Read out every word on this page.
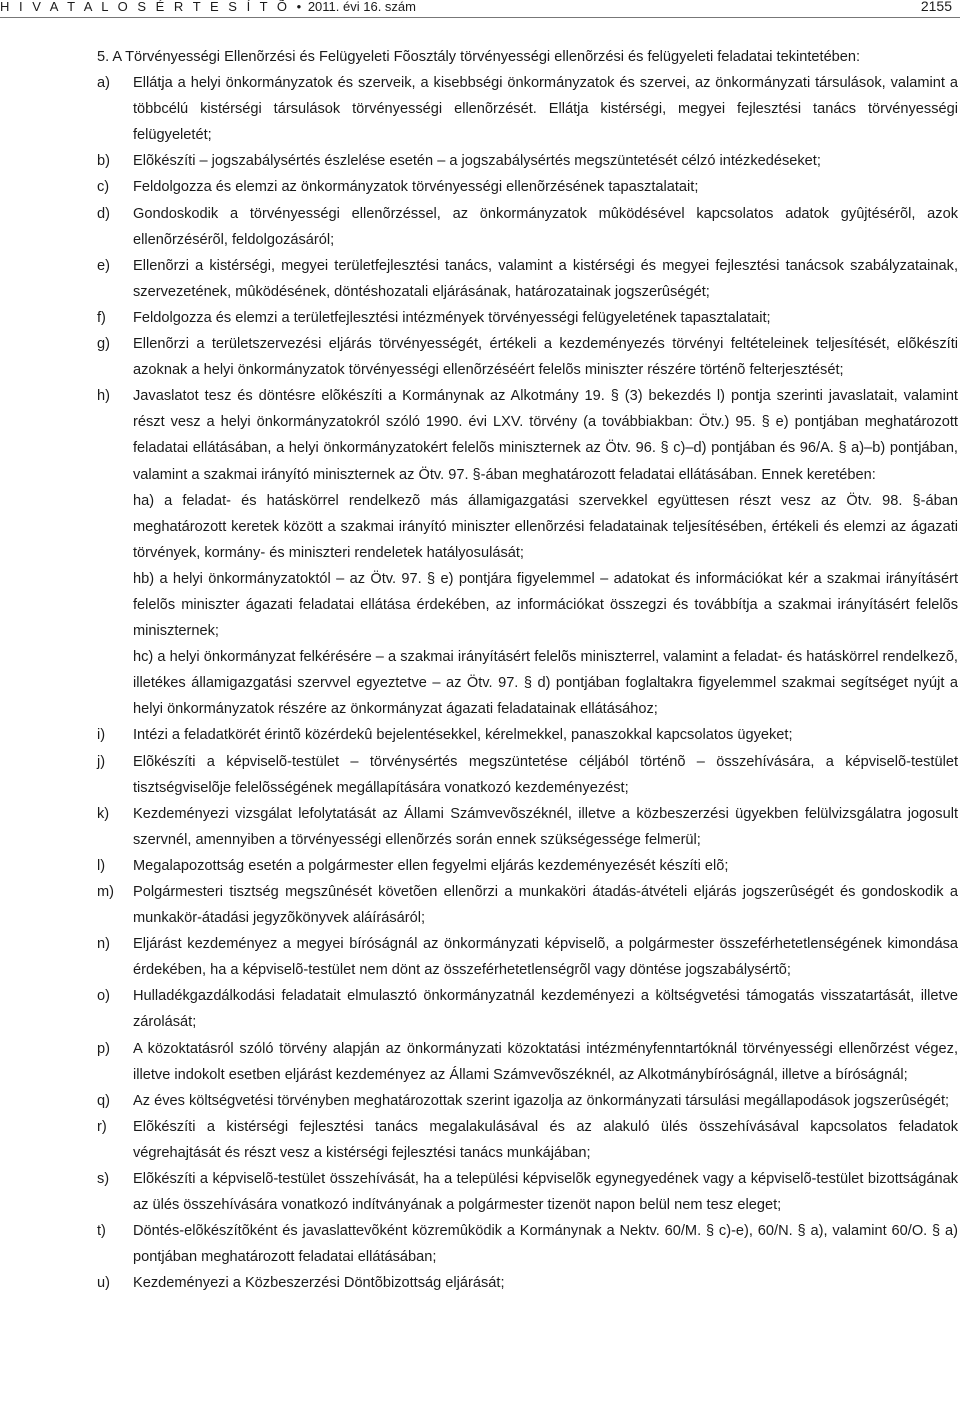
H I V A T A L O S É R T E S Í T Õ • 2011. évi 16. szám	2155

5. A Törvényességi Ellenõrzési és Felügyeleti Fõosztály törvényességi ellenõrzési és felügyeleti feladatai tekintetében:

a) Ellátja a helyi önkormányzatok és szerveik, a kisebbségi önkormányzatok és szervei, az önkormányzati társulások, valamint a többcélú kistérségi társulások törvényességi ellenõrzését. Ellátja kistérségi, megyei fejlesztési tanács törvényességi felügyeletét;

b) Elõkészíti – jogszabálysértés észlelése esetén – a jogszabálysértés megszüntetését célzó intézkedéseket;

c) Feldolgozza és elemzi az önkormányzatok törvényességi ellenõrzésének tapasztalatait;

d) Gondoskodik a törvényességi ellenõrzéssel, az önkormányzatok mûködésével kapcsolatos adatok gyûjtésérõl, azok ellenõrzésérõl, feldolgozásáról;

e) Ellenõrzi a kistérségi, megyei területfejlesztési tanács, valamint a kistérségi és megyei fejlesztési tanácsok szabályzatainak, szervezetének, mûködésének, döntéshozatali eljárásának, határozatainak jogszerûségét;

f) Feldolgozza és elemzi a területfejlesztési intézmények törvényességi felügyeletének tapasztalatait;

g) Ellenõrzi a területszervezési eljárás törvényességét, értékeli a kezdeményezés törvényi feltételeinek teljesítését, elõkészíti azoknak a helyi önkormányzatok törvényességi ellenõrzéséért felelõs miniszter részére történõ felterjesztését;

h) Javaslatot tesz és döntésre elõkészíti a Kormánynak az Alkotmány 19. § (3) bekezdés l) pontja szerinti javaslatait, valamint részt vesz a helyi önkormányzatokról szóló 1990. évi LXV. törvény (a továbbiakban: Ötv.) 95. § e) pontjában meghatározott feladatai ellátásában, a helyi önkormányzatokért felelõs miniszternek az Ötv. 96. § c)–d) pontjában és 96/A. § a)–b) pontjában, valamint a szakmai irányító miniszternek az Ötv. 97. §-ában meghatározott feladatai ellátásában. Ennek keretében:

ha) a feladat- és hatáskörrel rendelkezõ más államigazgatási szervekkel együttesen részt vesz az Ötv. 98. §-ában meghatározott keretek között a szakmai irányító miniszter ellenõrzési feladatainak teljesítésében, értékeli és elemzi az ágazati törvények, kormány- és miniszteri rendeletek hatályosulását;

hb) a helyi önkormányzatoktól – az Ötv. 97. § e) pontjára figyelemmel – adatokat és információkat kér a szakmai irányításért felelõs miniszter ágazati feladatai ellátása érdekében, az információkat összegzi és továbbítja a szakmai irányításért felelõs miniszternek;

hc) a helyi önkormányzat felkérésére – a szakmai irányításért felelõs miniszterrel, valamint a feladat- és hatáskörrel rendelkezõ, illetékes államigazgatási szervvel egyeztetve – az Ötv. 97. § d) pontjában foglaltakra figyelemmel szakmai segítséget nyújt a helyi önkormányzatok részére az önkormányzat ágazati feladatainak ellátásához;

i) Intézi a feladatkörét érintõ közérdekû bejelentésekkel, kérelmekkel, panaszokkal kapcsolatos ügyeket;

j) Elõkészíti a képviselõ-testület – törvénysértés megszüntetése céljából történõ – összehívására, a képviselõ-testület tisztségviselõje felelõsségének megállapítására vonatkozó kezdeményezést;

k) Kezdeményezi vizsgálat lefolytatását az Állami Számvevõszéknél, illetve a közbeszerzési ügyekben felülvizsgálatra jogosult szervnél, amennyiben a törvényességi ellenõrzés során ennek szükségessége felmerül;

l) Megalapozottság esetén a polgármester ellen fegyelmi eljárás kezdeményezését készíti elõ;

m) Polgármesteri tisztség megszûnését követõen ellenõrzi a munkaköri átadás-átvételi eljárás jogszerûségét és gondoskodik a munkakör-átadási jegyzõkönyvek aláírásáról;

n) Eljárást kezdeményez a megyei bíróságnál az önkormányzati képviselõ, a polgármester összeférhetetlenségének kimondása érdekében, ha a képviselõ-testület nem dönt az összeférhetetlenségrõl vagy döntése jogszabálysértõ;

o) Hulladékgazdálkodási feladatait elmulasztó önkormányzatnál kezdeményezi a költségvetési támogatás visszatartását, illetve zárolását;

p) A közoktatásról szóló törvény alapján az önkormányzati közoktatási intézményfenntartóknál törvényességi ellenõrzést végez, illetve indokolt esetben eljárást kezdeményez az Állami Számvevõszéknél, az Alkotmánybíróságnál, illetve a bíróságnál;

q) Az éves költségvetési törvényben meghatározottak szerint igazolja az önkormányzati társulási megállapodások jogszerûségét;

r) Elõkészíti a kistérségi fejlesztési tanács megalakulásával és az alakuló ülés összehívásával kapcsolatos feladatok végrehajtását és részt vesz a kistérségi fejlesztési tanács munkájában;

s) Elõkészíti a képviselõ-testület összehívását, ha a települési képviselõk egynegyedének vagy a képviselõ-testület bizottságának az ülés összehívására vonatkozó indítványának a polgármester tizenöt napon belül nem tesz eleget;

t) Döntés-elõkészítõként és javaslattevõként közremûködik a Kormánynak a Nektv. 60/M. § c)-e), 60/N. § a), valamint 60/O. § a) pontjában meghatározott feladatai ellátásában;

u) Kezdeményezi a Közbeszerzési Döntõbizottság eljárását;
